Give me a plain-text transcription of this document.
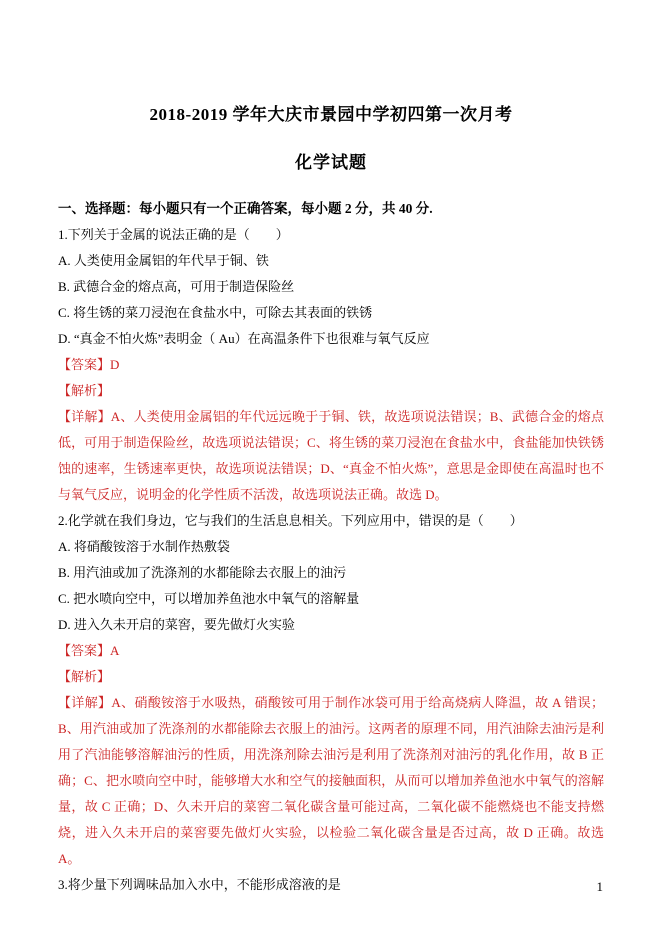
2018-2019 学年大庆市景园中学初四第一次月考
化学试题
一、选择题：每小题只有一个正确答案，每小题 2 分，共 40 分.
1.下列关于金属的说法正确的是（　　）
A. 人类使用金属铝的年代早于铜、铁
B. 武德合金的熔点高，可用于制造保险丝
C. 将生锈的菜刀浸泡在食盐水中，可除去其表面的铁锈
D. “真金不怕火炼”表明金（ Au）在高温条件下也很难与氧气反应
【答案】D
【解析】

【详解】A、人类使用金属铝的年代远远晚于于铜、铁，故选项说法错误；B、武德合金的熔点低，可用于制造保险丝，故选项说法错误；C、将生锈的菜刀浸泡在食盐水中，食盐能加快铁锈蚀的速率，生锈速率更快，故选项说法错误；D、“真金不怕火炼”，意思是金即使在高温时也不与氧气反应，说明金的化学性质不活泼，故选项说法正确。故选 D。

2.化学就在我们身边，它与我们的生活息息相关。下列应用中，错误的是（　　）
A. 将硝酸铵溶于水制作热敷袋
B. 用汽油或加了洗涤剂的水都能除去衣服上的油污
C. 把水喷向空中，可以增加养鱼池水中氧气的溶解量
D. 进入久未开启的菜窖，要先做灯火实验
【答案】A
【解析】

【详解】A、硝酸铵溶于水吸热，硝酸铵可用于制作冰袋可用于给高烧病人降温，故 A 错误；B、用汽油或加了洗涤剂的水都能除去衣服上的油污。这两者的原理不同，用汽油除去油污是利用了汽油能够溶解油污的性质，用洗涤剂除去油污是利用了洗涤剂对油污的乳化作用，故 B 正确；C、把水喷向空中时，能够增大水和空气的接触面积，从而可以增加养鱼池水中氧气的溶解量，故 C 正确；D、久未开启的菜窖二氧化碳含量可能过高，二氧化碳不能燃烧也不能支持燃烧，进入久未开启的菜窖要先做灯火实验，以检验二氧化碳含量是否过高，故 D 正确。故选 A。

3.将少量下列调味品加入水中，不能形成溶液的是	1
